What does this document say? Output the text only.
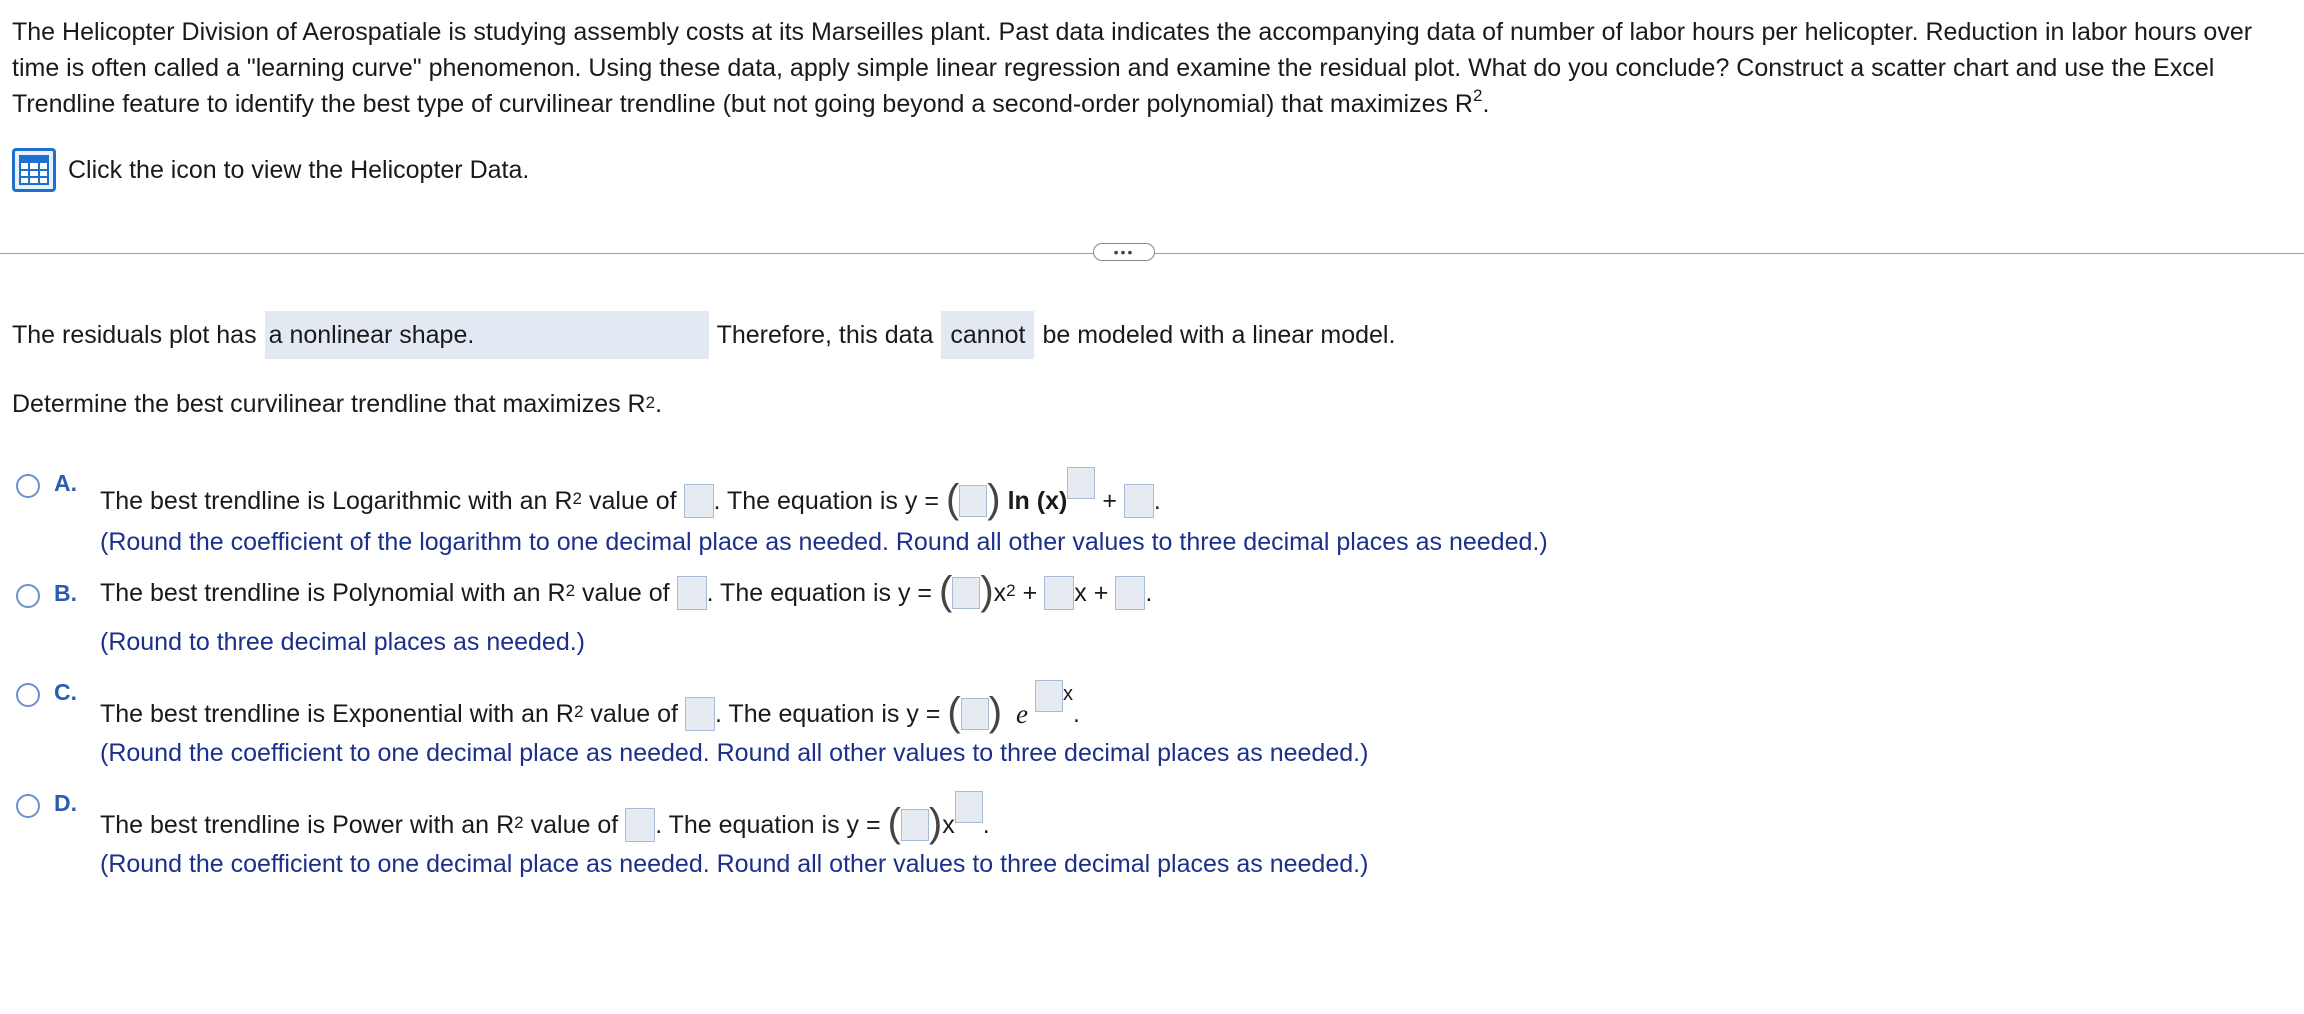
The Helicopter Division of Aerospatiale is studying assembly costs at its Marseilles plant. Past data indicates the accompanying data of number of labor hours per helicopter. Reduction in labor hours over time is often called a "learning curve" phenomenon. Using these data, apply simple linear regression and examine the residual plot. What do you conclude? Construct a scatter chart and use the Excel Trendline feature to identify the best type of curvilinear trendline (but not going beyond a second-order polynomial) that maximizes $R^2$.
Click the icon to view the Helicopter Data.
•••
The residuals plot has a nonlinear shape.	Therefore, this data cannot be modeled with a linear model.
Determine the best curvilinear trendline that maximizes $R^2$ .
A.
The best trendline is Logarithmic with an $R^2$ value of . The equation is y = ( ) ln (x) + .
(Round the coefficient of the logarithm to one decimal place as needed. Round all other values to three decimal places as needed.)
B. The best trendline is Polynomial with an $R^2$ value of . The equation is y = ( ) $x^2 + x$ + .
(Round to three decimal places as needed.)
C.
The best trendline is Exponential with an $R^2$ value of . The equation is y = ( ) e
x
.
(Round the coefficient to one decimal place as needed. Round all other values to three decimal places as needed.)
D.
The best trendline is Power with an $R^2$ value of . The equation is y = ( ) x .
(Round the coefficient to one decimal place as needed. Round all other values to three decimal places as needed.)
